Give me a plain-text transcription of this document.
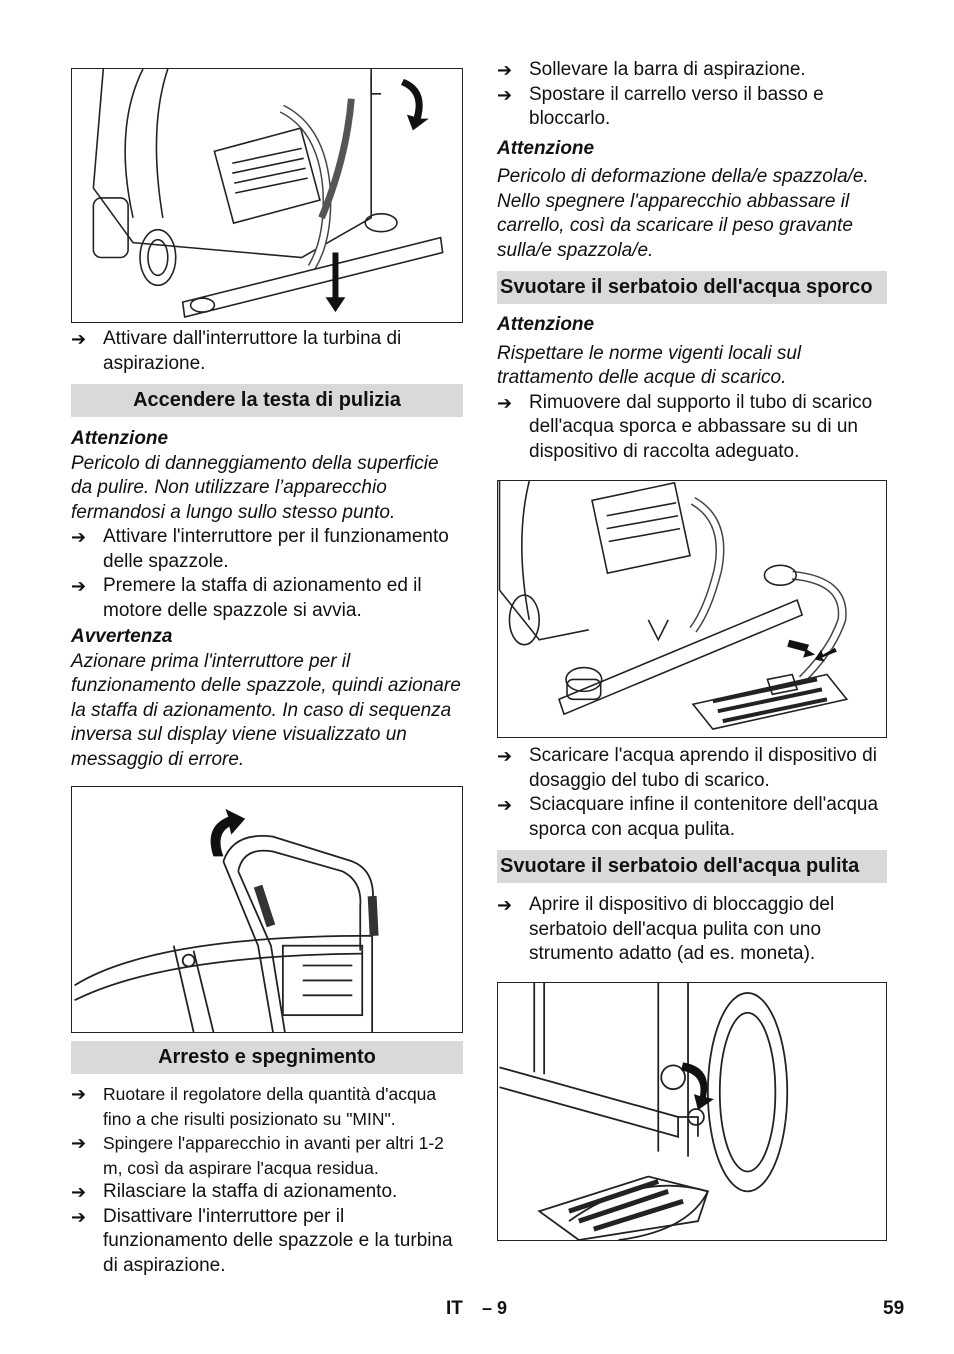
➔ Attivare dall'interruttore la turbina di aspirazione.
Accendere la testa di pulizia
Attenzione
Pericolo di danneggiamento della superficie da pulire. Non utilizzare l’apparecchio fermandosi a lungo sullo stesso punto.
➔ Attivare l'interruttore per il funzionamento delle spazzole.
➔ Premere la staffa di azionamento ed il motore delle spazzole si avvia.
Avvertenza
Azionare prima l'interruttore per il funzionamento delle spazzole, quindi azionare la staffa di azionamento. In caso di sequenza inversa sul display viene visualizzato un messaggio di errore.
Arresto e spegnimento
➔ Ruotare il regolatore della quantità d'acqua fino a che risulti posizionato su "MIN".
➔ Spingere l'apparecchio in avanti per altri 1-2 m, così da aspirare l'acqua residua.
➔ Rilasciare la staffa di azionamento.
➔ Disattivare l'interruttore per il funzionamento delle spazzole e la turbina di aspirazione.
➔ Sollevare la barra di aspirazione.
➔ Spostare il carrello verso il basso e bloccarlo.
Attenzione
Pericolo di deformazione della/e spazzola/e. Nello spegnere l'apparecchio abbassare il carrello, così da scaricare il peso gravante sulla/e spazzola/e.
Svuotare il serbatoio dell'acqua sporco
Attenzione
Rispettare le norme vigenti locali sul trattamento delle acque di scarico.
➔ Rimuovere dal supporto il tubo di scarico dell'acqua sporca e abbassare su di un dispositivo di raccolta adeguato.
➔ Scaricare l'acqua aprendo il dispositivo di dosaggio del tubo di scarico.
➔ Sciacquare infine il contenitore dell'acqua sporca con acqua pulita.
Svuotare il serbatoio dell'acqua pulita
➔ Aprire il dispositivo di bloccaggio del serbatoio dell'acqua pulita con uno strumento adatto (ad es. moneta).
IT – 9	59
